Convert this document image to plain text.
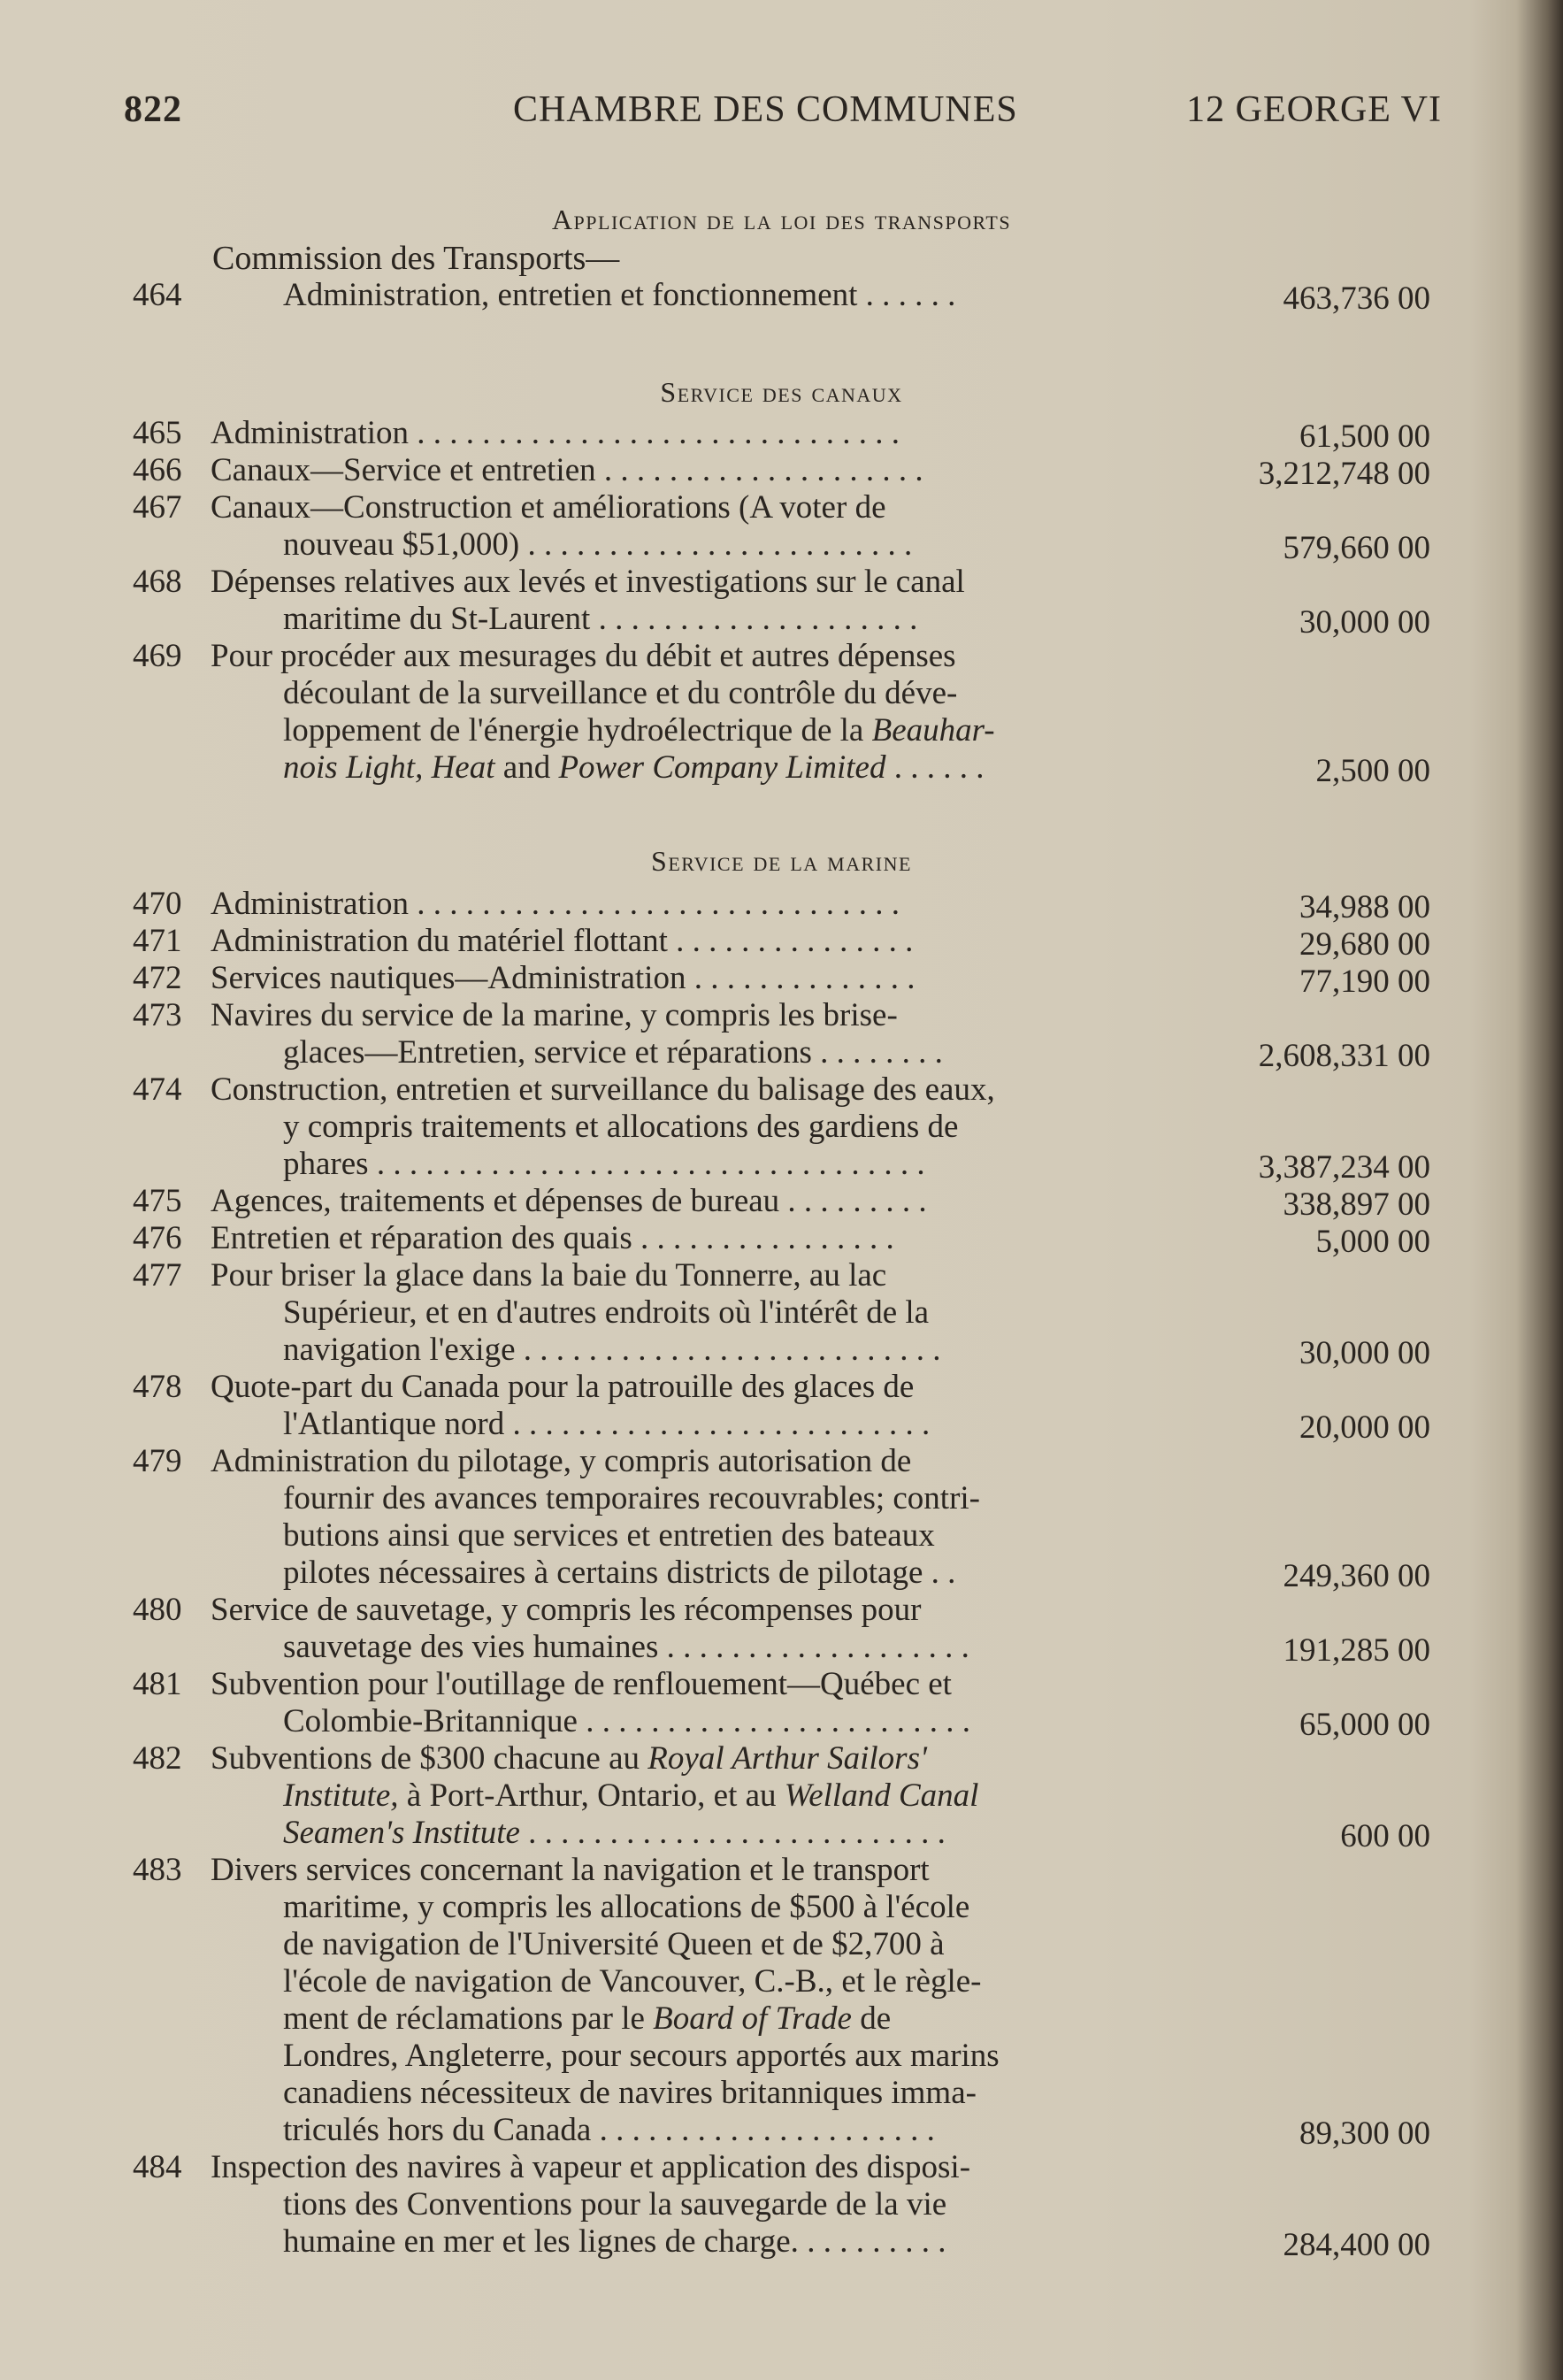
822	CHAMBRE DES COMMUNES	12 GEORGE VI
Application de la loi des transports
Commission des Transports—
464	Administration, entretien et fonctionnement . . . . . .	463,736 00
Service des canaux
465 Administration . . . . . . . . . . . . . . . . . . . . . . . . . . . . . .	61,500 00
466 Canaux—Service et entretien . . . . . . . . . . . . . . . . . . . .	3,212,748 00
467 Canaux—Construction et améliorations (A voter de
nouveau $51,000) . . . . . . . . . . . . . . . . . . . . . . . .	579,660 00
468 Dépenses relatives aux levés et investigations sur le canal
maritime du St-Laurent . . . . . . . . . . . . . . . . . . . .	30,000 00
469 Pour procéder aux mesurages du débit et autres dépenses
découlant de la surveillance et du contrôle du déve-
loppement de l'énergie hydroélectrique de la Beauhar-
nois Light, Heat and Power Company Limited . . . . . .	2,500 00
Service de la marine
470 Administration . . . . . . . . . . . . . . . . . . . . . . . . . . . . . .	34,988 00
471 Administration du matériel flottant . . . . . . . . . . . . . . .	29,680 00
472 Services nautiques—Administration . . . . . . . . . . . . . .	77,190 00
473 Navires du service de la marine, y compris les brise-
glaces—Entretien, service et réparations . . . . . . . .	2,608,331 00
474 Construction, entretien et surveillance du balisage des eaux,
y compris traitements et allocations des gardiens de
phares . . . . . . . . . . . . . . . . . . . . . . . . . . . . . . . . . .	3,387,234 00
475 Agences, traitements et dépenses de bureau . . . . . . . . .	338,897 00
476 Entretien et réparation des quais . . . . . . . . . . . . . . . .	5,000 00
477 Pour briser la glace dans la baie du Tonnerre, au lac
Supérieur, et en d'autres endroits où l'intérêt de la
navigation l'exige . . . . . . . . . . . . . . . . . . . . . . . . . .	30,000 00
478 Quote-part du Canada pour la patrouille des glaces de
l'Atlantique nord . . . . . . . . . . . . . . . . . . . . . . . . . .	20,000 00
479 Administration du pilotage, y compris autorisation de
fournir des avances temporaires recouvrables; contri-
butions ainsi que services et entretien des bateaux
pilotes nécessaires à certains districts de pilotage . .	249,360 00
480 Service de sauvetage, y compris les récompenses pour
sauvetage des vies humaines . . . . . . . . . . . . . . . . . . .	191,285 00
481 Subvention pour l'outillage de renflouement—Québec et
Colombie-Britannique . . . . . . . . . . . . . . . . . . . . . . . .	65,000 00
482 Subventions de $300 chacune au Royal Arthur Sailors'
Institute, à Port-Arthur, Ontario, et au Welland Canal
Seamen's Institute . . . . . . . . . . . . . . . . . . . . . . . . . .	600 00
483 Divers services concernant la navigation et le transport
maritime, y compris les allocations de $500 à l'école
de navigation de l'Université Queen et de $2,700 à
l'école de navigation de Vancouver, C.-B., et le règle-
ment de réclamations par le Board of Trade de
Londres, Angleterre, pour secours apportés aux marins
canadiens nécessiteux de navires britanniques imma-
triculés hors du Canada . . . . . . . . . . . . . . . . . . . . .	89,300 00
484 Inspection des navires à vapeur et application des disposi-
tions des Conventions pour la sauvegarde de la vie
humaine en mer et les lignes de charge. . . . . . . . . .	284,400 00
